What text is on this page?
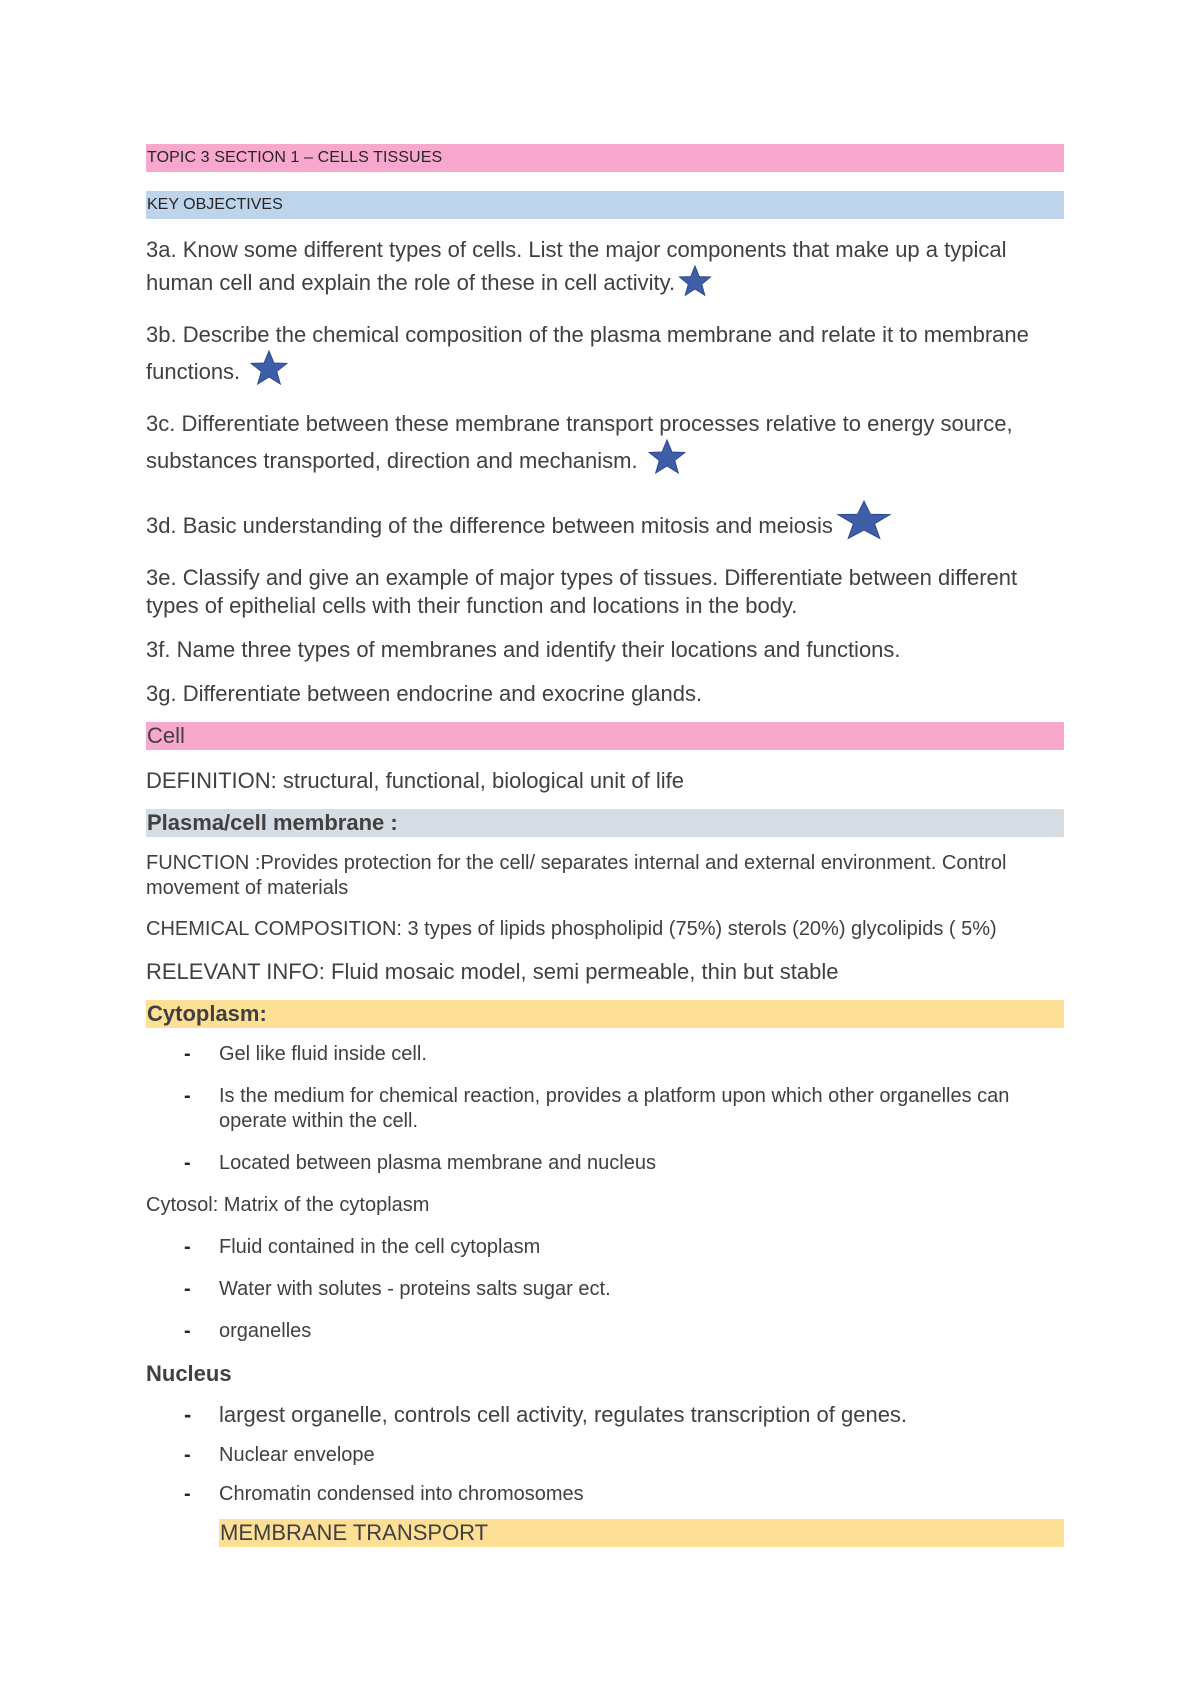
TOPIC 3 SECTION 1 – CELLS TISSUES
KEY OBJECTIVES

3a. Know some different types of cells. List the major components that make up a typical human cell and explain the role of these in cell activity.

3b. Describe the chemical composition of the plasma membrane and relate it to membrane functions.

3c. Differentiate between these membrane transport processes relative to energy source, substances transported, direction and mechanism.

3d. Basic understanding of the difference between mitosis and meiosis

3e. Classify and give an example of major types of tissues. Differentiate between different types of epithelial cells with their function and locations in the body.

3f. Name three types of membranes and identify their locations and functions.

3g. Differentiate between endocrine and exocrine glands.

Cell
DEFINITION: structural, functional, biological unit of life
Plasma/cell membrane :

FUNCTION :Provides protection for the cell/ separates internal and external environment. Control movement of materials

CHEMICAL COMPOSITION: 3 types of lipids phospholipid (75%) sterols (20%) glycolipids ( 5%)

RELEVANT INFO: Fluid mosaic model, semi permeable, thin but stable

Cytoplasm:
- Gel like fluid inside cell.
- Is the medium for chemical reaction, provides a platform upon which other organelles can operate within the cell.
- Located between plasma membrane and nucleus

Cytosol: Matrix of the cytoplasm

- Fluid contained in the cell cytoplasm
- Water with solutes - proteins salts sugar ect.
- organelles
Nucleus
- largest organelle, controls cell activity, regulates transcription of genes.
- Nuclear envelope
- Chromatin condensed into chromosomes
MEMBRANE TRANSPORT
